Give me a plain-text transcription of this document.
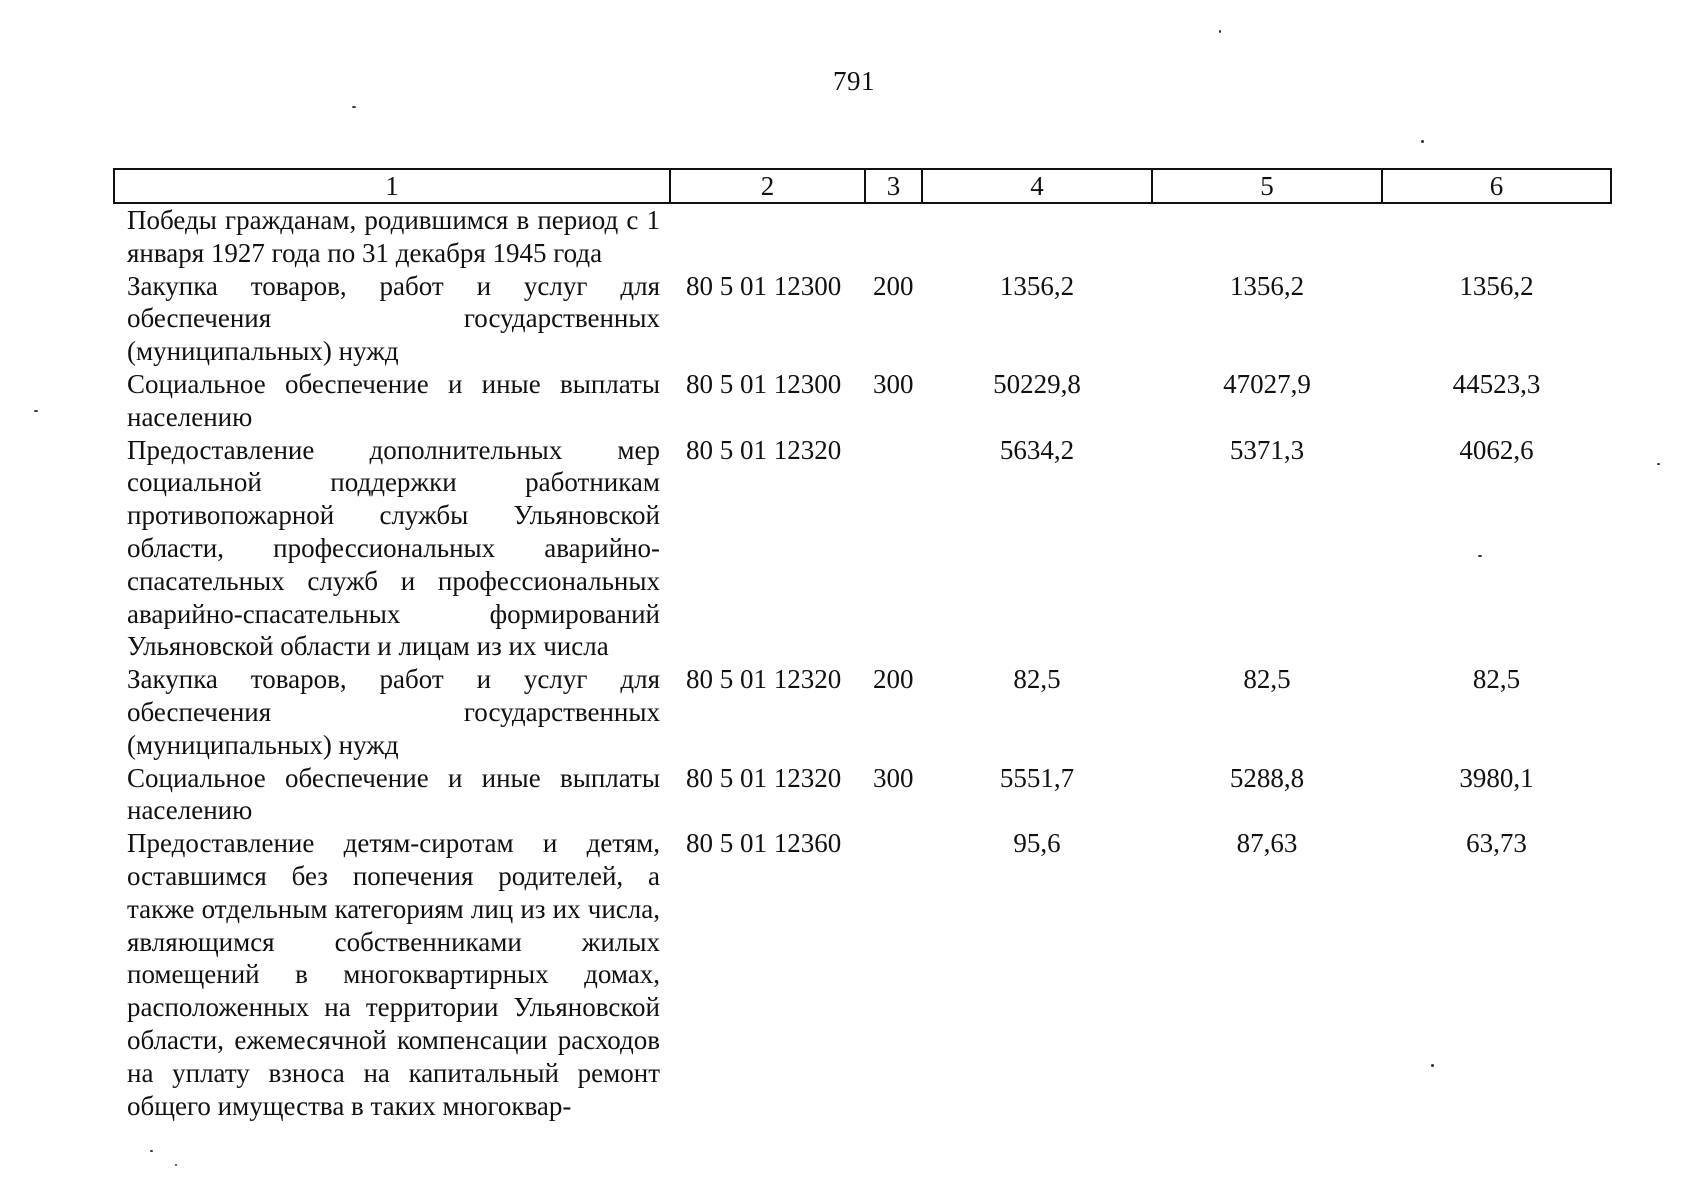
791
1	2	3	4	5	6
Победы гражданам, родившимся в период с 1 января 1927 года по 31 декабря 1945 года					
Закупка товаров, работ и услуг для обеспечения государственных (муниципальных) нужд	80 5 01 12300	200	1356,2	1356,2	1356,2
Социальное обеспечение и иные выплаты населению	80 5 01 12300	300	50229,8	47027,9	44523,3
Предоставление дополнительных мер социальной поддержки работникам противопожарной службы Ульяновской области, профессиональных аварийно-спасательных служб и профессиональных аварийно-спасательных формирований Ульяновской области и лицам из их числа	80 5 01 12320		5634,2	5371,3	4062,6
Закупка товаров, работ и услуг для обеспечения государственных (муниципальных) нужд	80 5 01 12320	200	82,5	82,5	82,5
Социальное обеспечение и иные выплаты населению	80 5 01 12320	300	5551,7	5288,8	3980,1
Предоставление детям-сиротам и детям, оставшимся без попечения родителей, а также отдельным категориям лиц из их числа, являющимся собственниками жилых помещений в многоквартирных домах, расположенных на территории Ульяновской области, ежемесячной компенсации расходов на уплату взноса на капитальный ремонт общего имущества в таких многоквар-	80 5 01 12360		95,6	87,63	63,73
